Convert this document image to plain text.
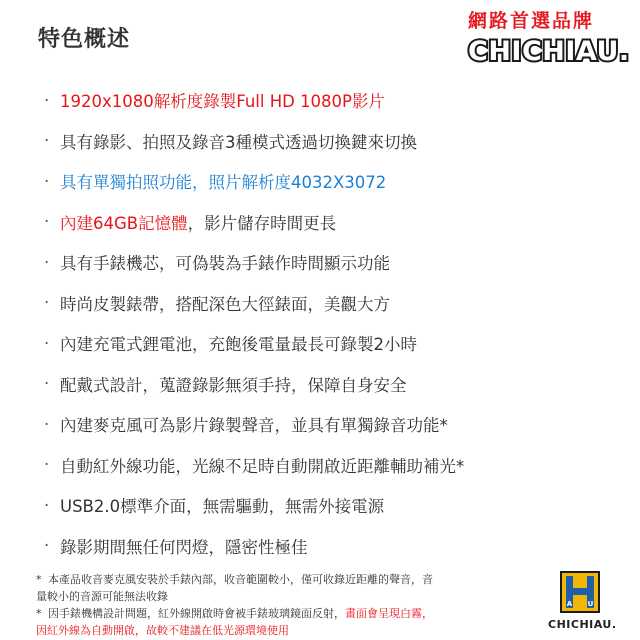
特色概述
網路首選品牌
CHICHIAU.
· 1920x1080解析度錄製Full HD 1080P影片
· 具有錄影、拍照及錄音3種模式透過切換鍵來切換
· 具有單獨拍照功能，照片解析度4032X3072
· 內建64GB記憶體 ，影片儲存時間更長
· 具有手錶機芯，可偽裝為手錶作時間顯示功能
· 時尚皮製錶帶，搭配深色大徑錶面，美觀大方
· 內建充電式鋰電池，充飽後電量最長可錄製2小時
· 配戴式設計，蒐證錄影無須手持，保障自身安全
· 內建麥克風可為影片錄製聲音，並具有單獨錄音功能*
· 自動紅外線功能，光線不足時自動開啟近距離輔助補光*
· USB2.0標準介面，無需驅動，無需外接電源
· 錄影期間無任何閃燈，隱密性極佳
* 本產品收音麥克風安裝於手錶內部，收音範圍較小，僅可收錄近距離的聲音，音
量較小的音源可能無法收錄
* 因手錶機構設計問題，紅外線開啟時會被手錶玻璃鏡面反射，畫面會呈現白霧，
因紅外線為自動開啟，故較不建議在低光源環境使用
A U
CHICHIAU.
